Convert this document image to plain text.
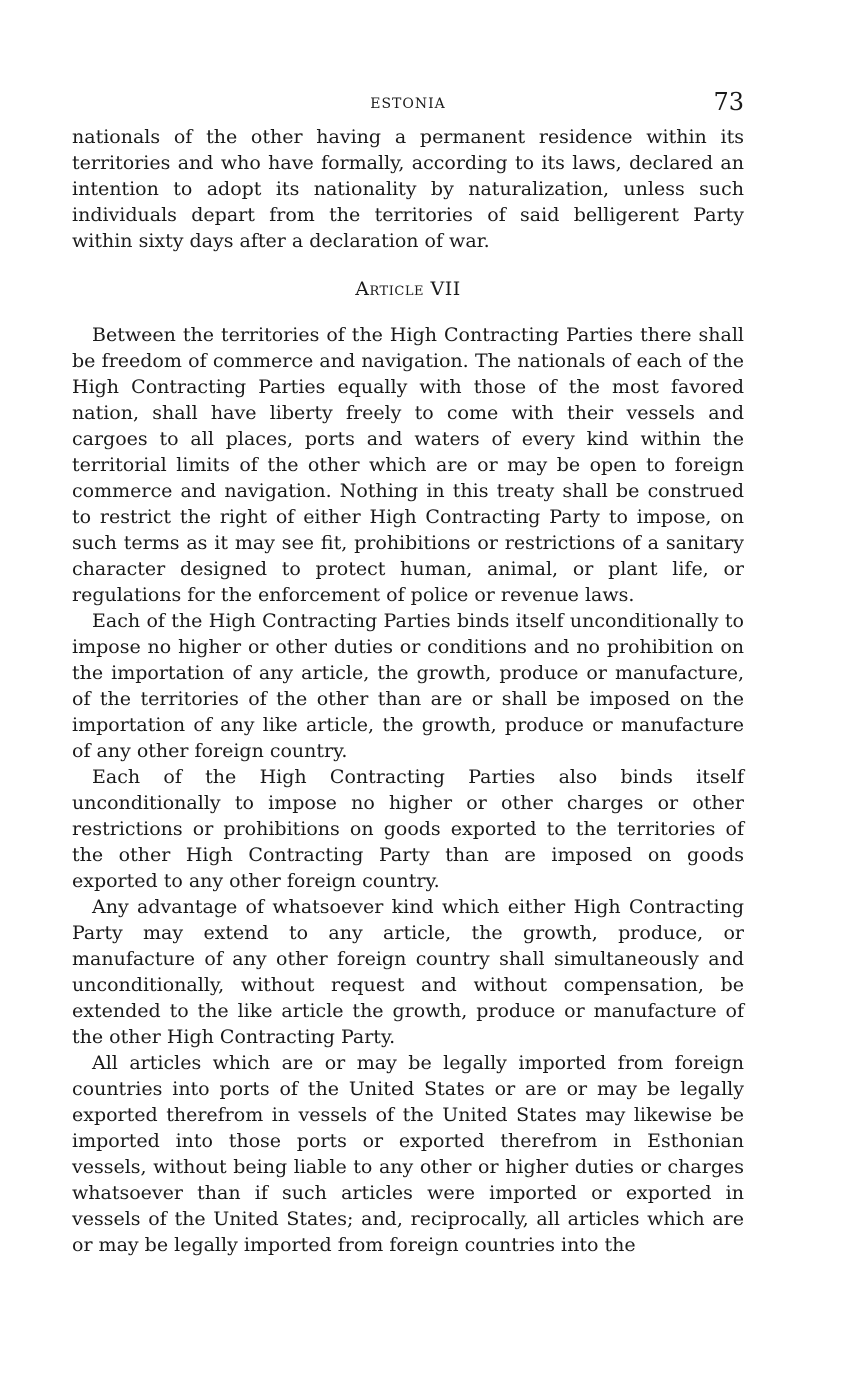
ESTONIA	73

nationals of the other having a permanent residence within its territories and who have formally, according to its laws, declared an intention to adopt its nationality by naturalization, unless such individuals depart from the territories of said belligerent Party within sixty days after a declaration of war.

Article VII

Between the territories of the High Contracting Parties there shall be freedom of commerce and navigation. The nationals of each of the High Contracting Parties equally with those of the most favored nation, shall have liberty freely to come with their vessels and cargoes to all places, ports and waters of every kind within the territorial limits of the other which are or may be open to foreign commerce and navigation. Nothing in this treaty shall be construed to restrict the right of either High Contracting Party to impose, on such terms as it may see fit, prohibitions or restrictions of a sanitary character designed to protect human, animal, or plant life, or regulations for the enforcement of police or revenue laws.

Each of the High Contracting Parties binds itself unconditionally to impose no higher or other duties or conditions and no prohibition on the importation of any article, the growth, produce or manufacture, of the territories of the other than are or shall be imposed on the importation of any like article, the growth, produce or manufacture of any other foreign country.

Each of the High Contracting Parties also binds itself unconditionally to impose no higher or other charges or other restrictions or prohibitions on goods exported to the territories of the other High Contracting Party than are imposed on goods exported to any other foreign country.

Any advantage of whatsoever kind which either High Contracting Party may extend to any article, the growth, produce, or manufacture of any other foreign country shall simultaneously and unconditionally, without request and without compensation, be extended to the like article the growth, produce or manufacture of the other High Contracting Party.

All articles which are or may be legally imported from foreign countries into ports of the United States or are or may be legally exported therefrom in vessels of the United States may likewise be imported into those ports or exported therefrom in Esthonian vessels, without being liable to any other or higher duties or charges whatsoever than if such articles were imported or exported in vessels of the United States; and, reciprocally, all articles which are or may be legally imported from foreign countries into the
